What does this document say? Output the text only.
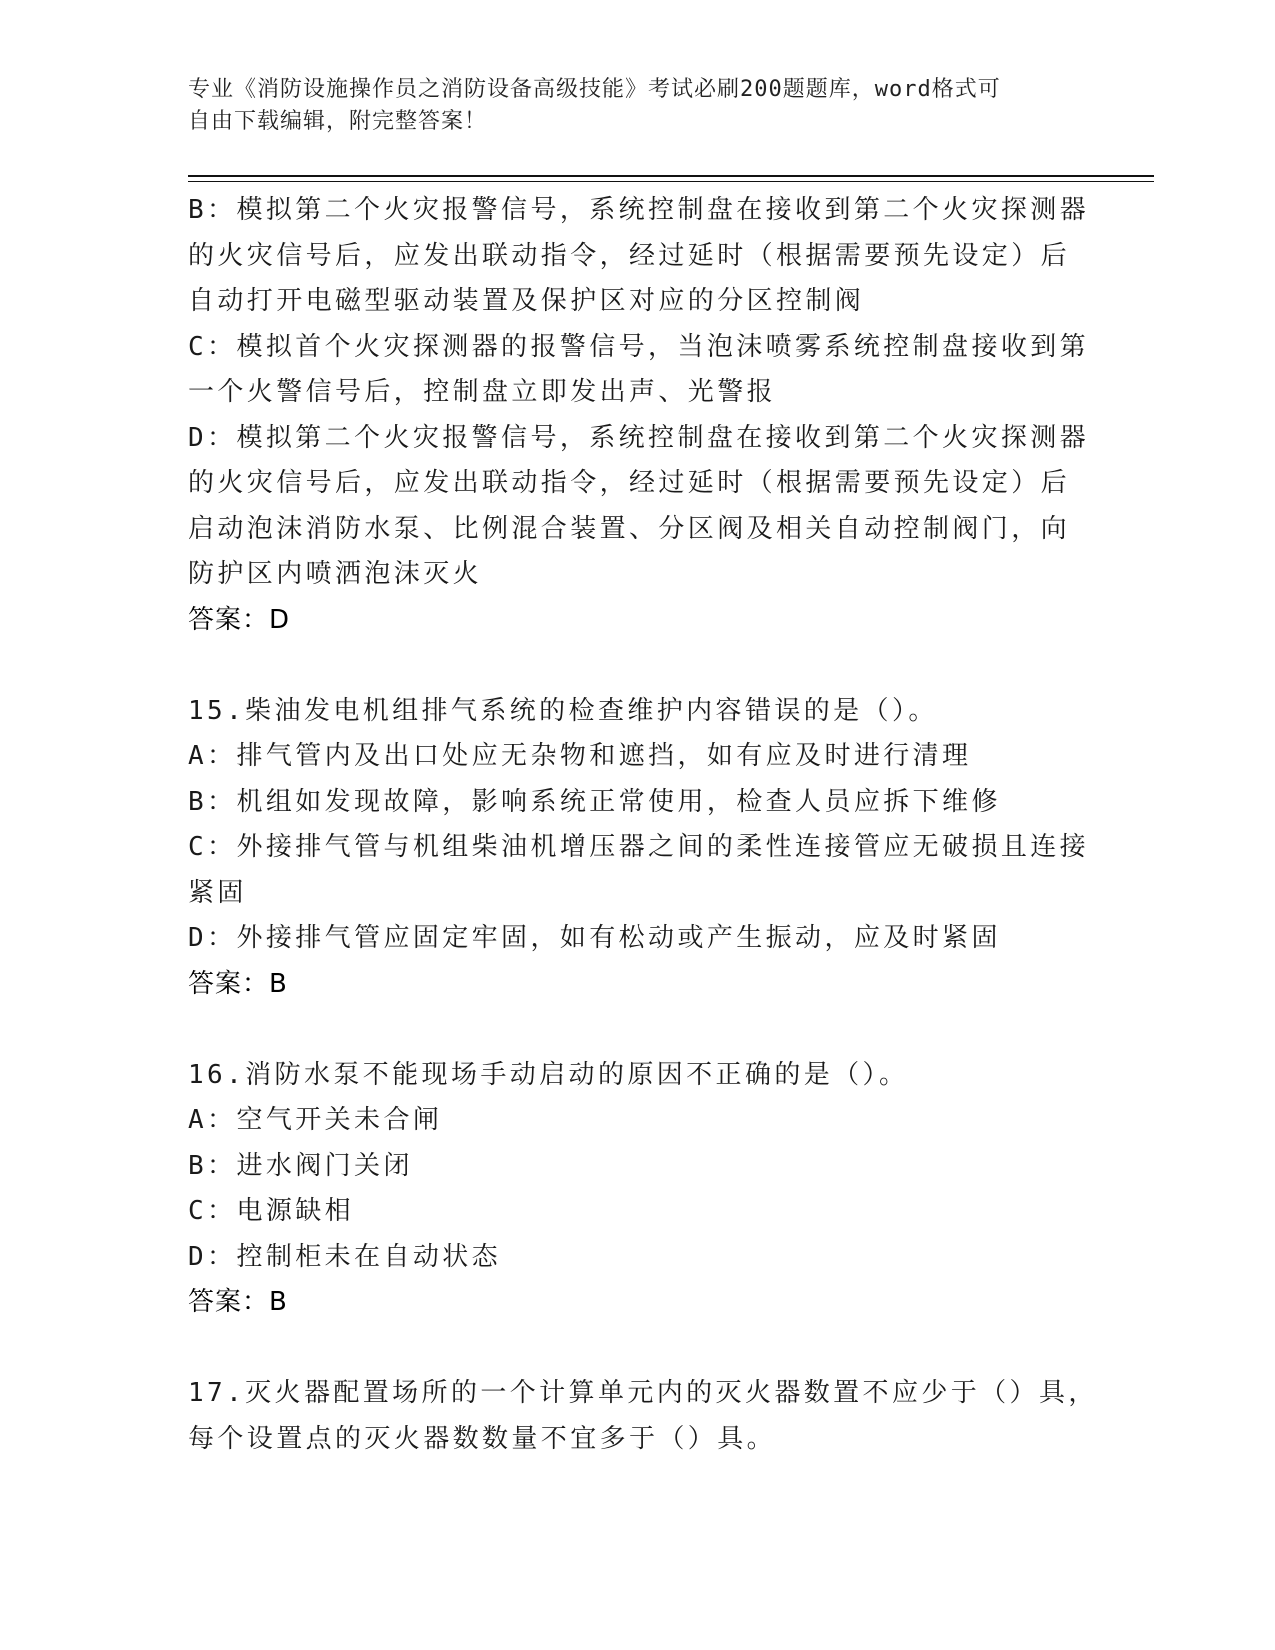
专业《消防设施操作员之消防设备高级技能》考试必刷200题题库，word格式可
自由下载编辑，附完整答案！
B：模拟第二个火灾报警信号，系统控制盘在接收到第二个火灾探测器
的火灾信号后，应发出联动指令，经过延时（根据需要预先设定）后
自动打开电磁型驱动装置及保护区对应的分区控制阀
C：模拟首个火灾探测器的报警信号，当泡沫喷雾系统控制盘接收到第
一个火警信号后，控制盘立即发出声、光警报
D：模拟第二个火灾报警信号，系统控制盘在接收到第二个火灾探测器
的火灾信号后，应发出联动指令，经过延时（根据需要预先设定）后
启动泡沫消防水泵、比例混合装置、分区阀及相关自动控制阀门，向
防护区内喷洒泡沫灭火
答案：D
15.柴油发电机组排气系统的检查维护内容错误的是（）。
A：排气管内及出口处应无杂物和遮挡，如有应及时进行清理
B：机组如发现故障，影响系统正常使用，检查人员应拆下维修
C：外接排气管与机组柴油机增压器之间的柔性连接管应无破损且连接
紧固
D：外接排气管应固定牢固，如有松动或产生振动，应及时紧固
答案：B
16.消防水泵不能现场手动启动的原因不正确的是（）。
A：空气开关未合闸
B：进水阀门关闭
C：电源缺相
D：控制柜未在自动状态
答案：B
17.灭火器配置场所的一个计算单元内的灭火器数置不应少于（）具，
每个设置点的灭火器数数量不宜多于（）具。
